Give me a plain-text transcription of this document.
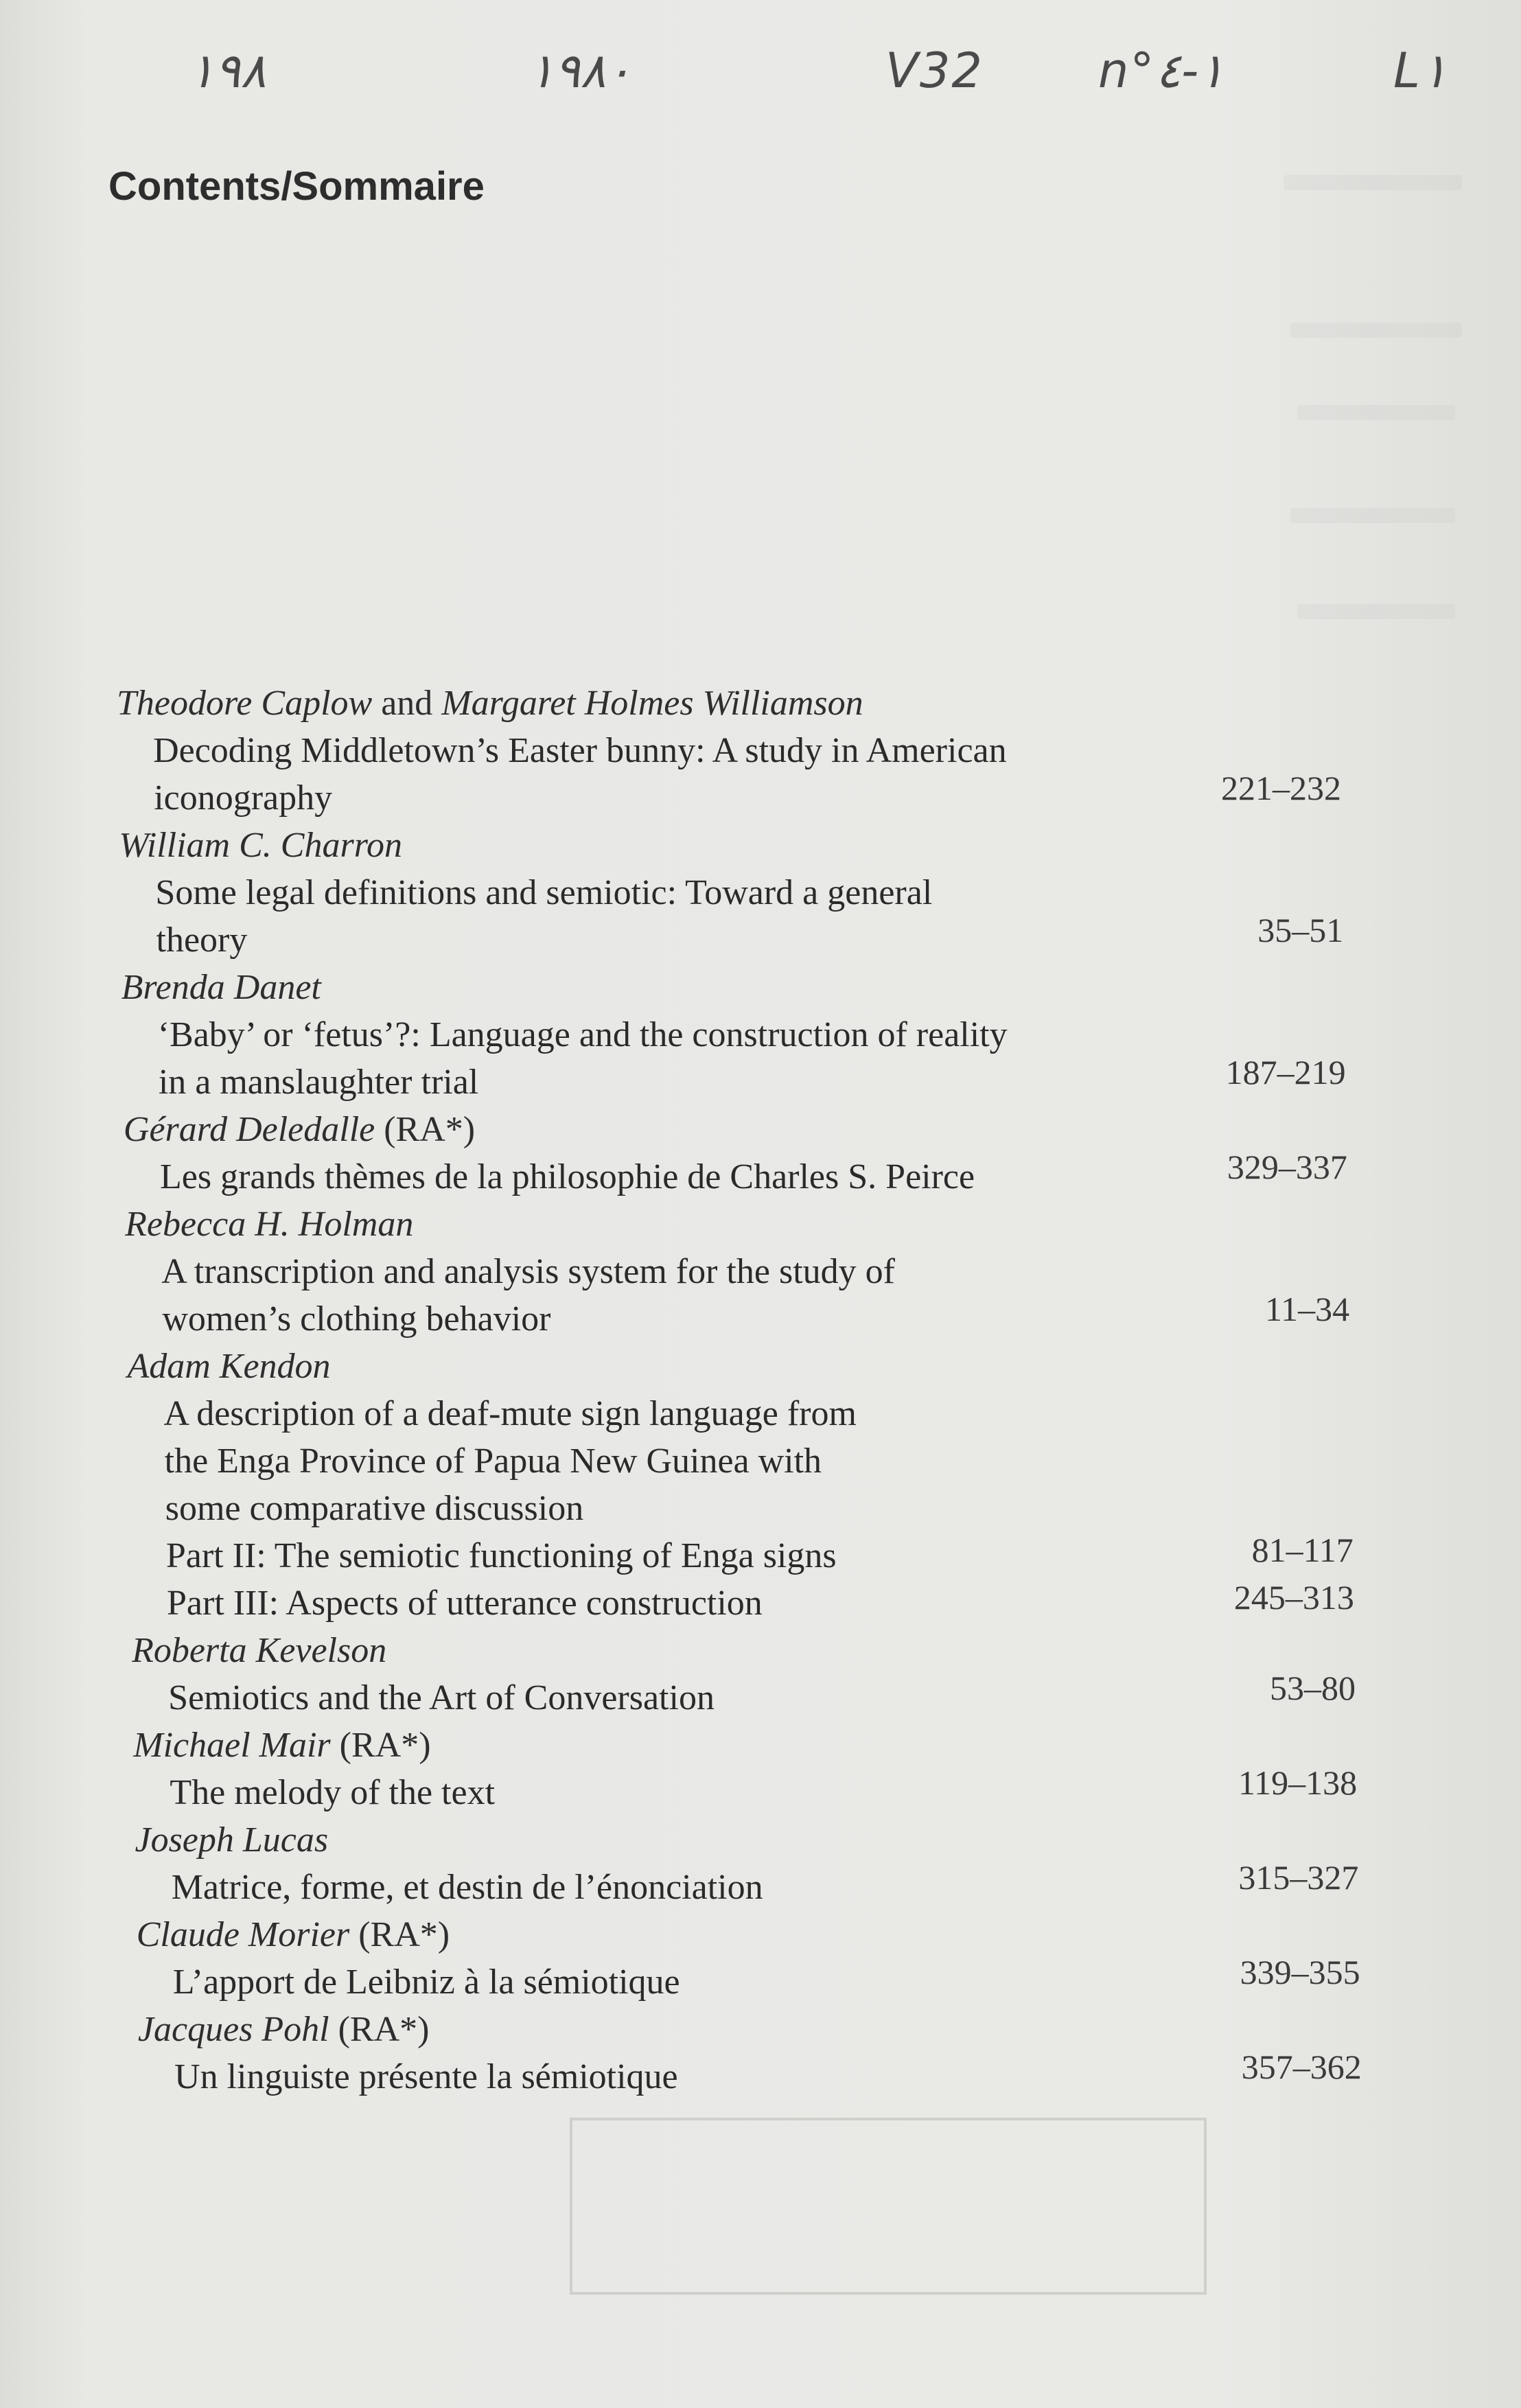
١٩٨	١٩٨٠	V32 n°١-٤	L١
Contents/Sommaire
Theodore Caplow and Margaret Holmes Williamson
Decoding Middletown’s Easter bunny: A study in American
iconography	221–232
William C. Charron
Some legal definitions and semiotic: Toward a general
theory	35–51
Brenda Danet
‘Baby’ or ‘fetus’?: Language and the construction of reality
in a manslaughter trial	187–219
Gérard Deledalle (RA*)
Les grands thèmes de la philosophie de Charles S. Peirce	329–337
Rebecca H. Holman
A transcription and analysis system for the study of
women’s clothing behavior	11–34
Adam Kendon
A description of a deaf-mute sign language from
the Enga Province of Papua New Guinea with
some comparative discussion
Part II: The semiotic functioning of Enga signs	81–117
Part III: Aspects of utterance construction	245–313
Roberta Kevelson
Semiotics and the Art of Conversation	53–80
Michael Mair (RA*)
The melody of the text	119–138
Joseph Lucas
Matrice, forme, et destin de l’énonciation	315–327
Claude Morier (RA*)
L’apport de Leibniz à la sémiotique	339–355
Jacques Pohl (RA*)
Un linguiste présente la sémiotique	357–362
